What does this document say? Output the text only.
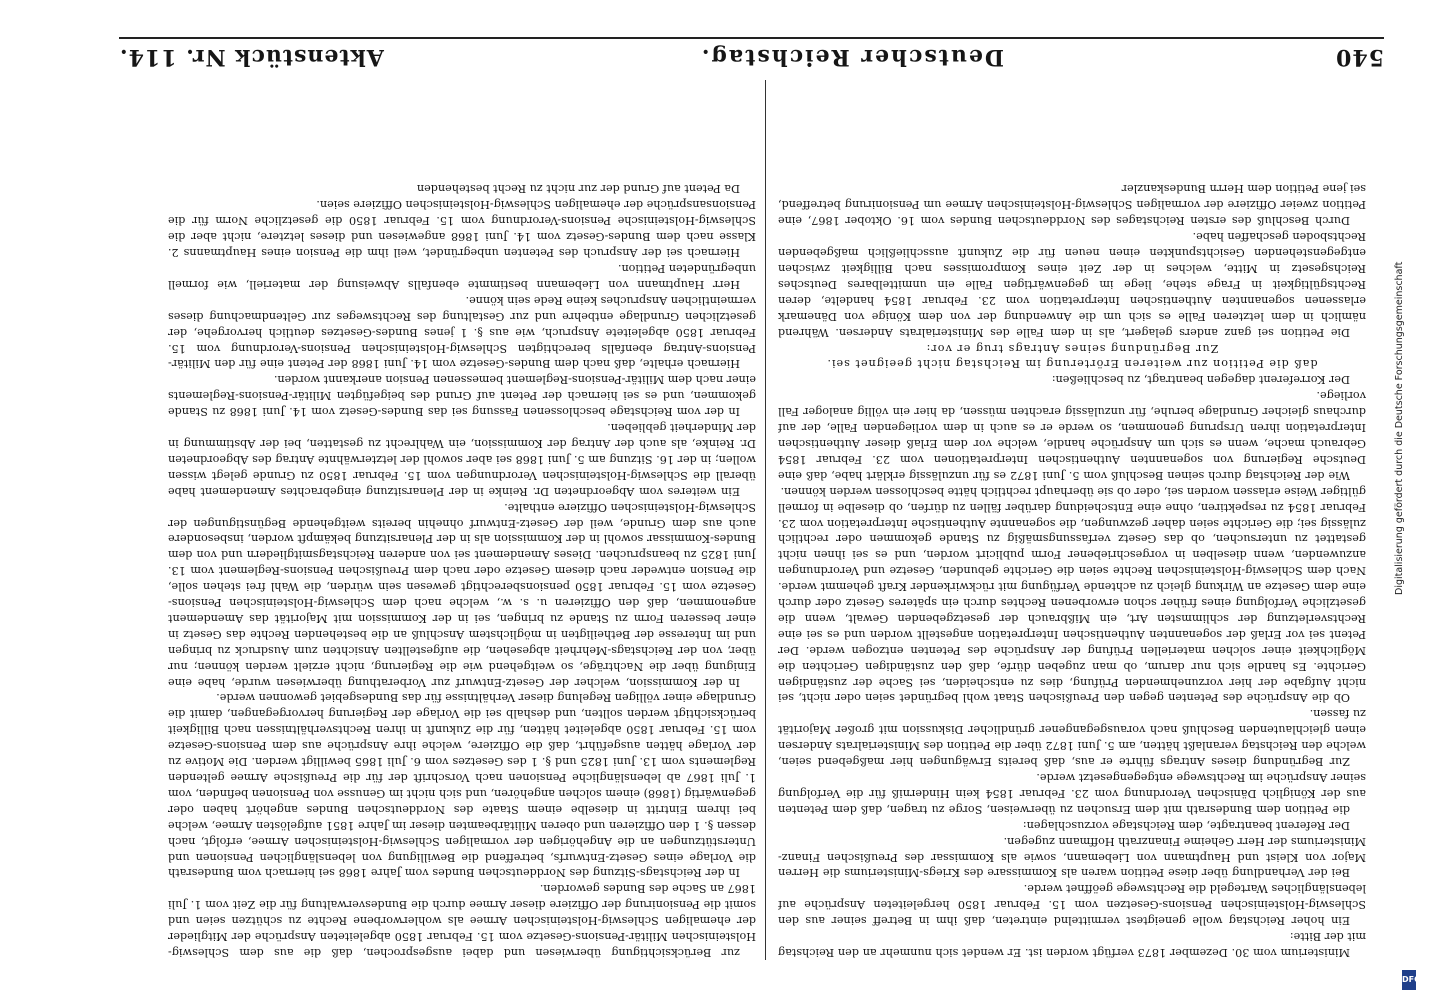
540
Deutscher Reichstag.
Aktenstück Nr. 114.

Ministerium vom 30. Dezember 1873 verfügt worden ist. Er wendet sich nunmehr an den Reichstag mit der Bitte:

Ein hoher Reichstag wolle geneigtest vermittelnd eintreten, daß ihm in Betreff seiner aus den Schleswig-Holsteinischen Pensions-Gesetzen vom 15. Februar 1850 hergeleiteten Ansprüche auf lebenslängliches Wartegeld die Rechtswege geöffnet werde.

Bei der Verhandlung über diese Petition waren als Kommissare des Kriegs-Ministeriums die Herren Major von Kleist und Hauptmann von Liebemann, sowie als Kommissar des Preußischen Finanz-Ministeriums der Herr Geheime Finanzrath Hoffmann zugegen.

Der Referent beantragte, dem Reichstage vorzuschlagen:

die Petition dem Bundesrath mit dem Ersuchen zu überweisen, Sorge zu tragen, daß dem Petenten aus der Königlich Dänischen Verordnung vom 23. Februar 1854 kein Hinderniß für die Verfolgung seiner Ansprüche im Rechtswege entgegengesetzt werde.

Zur Begründung dieses Antrags führte er aus, daß bereits Erwägungen hier maßgebend seien, welche den Reichstag veranlaßt hätten, am 5. Juni 1872 über die Petition des Ministerialrats Andersen einen gleichlautenden Beschluß nach vorausgegangener gründlicher Diskussion mit großer Majorität zu fassen.

Ob die Ansprüche des Petenten gegen den Preußischen Staat wohl begründet seien oder nicht, sei nicht Aufgabe der hier vorzunehmenden Prüfung, dies zu entscheiden, sei Sache der zuständigen Gerichte. Es handle sich nur darum, ob man zugeben dürfe, daß den zuständigen Gerichten die Möglichkeit einer solchen materiellen Prüfung der Ansprüche des Petenten entzogen werde. Der Petent sei vor Erlaß der sogenannten Authentischen Interpretation angestellt worden und es sei eine Rechtsverletzung der schlimmsten Art, ein Mißbrauch der gesetzgebenden Gewalt, wenn die gesetzliche Verfolgung eines früher schon erworbenen Rechtes durch ein späteres Gesetz oder durch eine dem Gesetze an Wirkung gleich zu achtende Verfügung mit rückwirkender Kraft gehemmt werde. Nach dem Schleswig-Holsteinischen Rechte seien die Gerichte gebunden, Gesetze und Verordnungen anzuwenden, wenn dieselben in vorgeschriebener Form publicirt worden, und es sei ihnen nicht gestattet zu untersuchen, ob das Gesetz verfassungsmäßig zu Stande gekommen oder rechtlich zulässig sei; die Gerichte seien daher gezwungen, die sogenannte Authentische Interpretation vom 23. Februar 1854 zu respektiren, ohne eine Entscheidung darüber fällen zu dürfen, ob dieselbe in formell gültiger Weise erlassen worden sei, oder ob sie überhaupt rechtlich hätte beschlossen werden können.

Wie der Reichstag durch seinen Beschluß vom 5. Juni 1872 es für unzulässig erklärt habe, daß eine Deutsche Regierung von sogenannten Authentischen Interpretationen vom 23. Februar 1854 Gebrauch mache, wenn es sich um Ansprüche handle, welche vor dem Erlaß dieser Authentischen Interpretation ihren Ursprung genommen, so werde er es auch in dem vorliegenden Falle, der auf durchaus gleicher Grundlage beruhe, für unzulässig erachten müssen, da hier ein völlig analoger Fall vorliege.

Der Korreferent dagegen beantragt, zu beschließen:

daß die Petition zur weiteren Erörterung im Reichstag nicht geeignet sei.

Zur Begründung seines Antrags trug er vor:

Die Petition sei ganz anders gelagert, als in dem Falle des Ministerialrats Andersen. Während nämlich in dem letzteren Falle es sich um die Anwendung der von dem Könige von Dänemark erlassenen sogenannten Authentischen Interpretation vom 23. Februar 1854 handelte, deren Rechtsgültigkeit in Frage stehe, liege im gegenwärtigen Falle ein unmittelbares Deutsches Reichsgesetz in Mitte, welches in der Zeit eines Kompromisses nach Billigkeit zwischen entgegenstehenden Gesichtspunkten einen neuen für die Zukunft ausschließlich maßgebenden Rechtsboden geschaffen habe.

Durch Beschluß des ersten Reichstages des Norddeutschen Bundes vom 16. Oktober 1867, eine Petition zweier Offiziere der vormaligen Schleswig-Holsteinischen Armee um Pensionirung betreffend, sei jene Petition dem Herrn Bundeskanzler

zur Berücksichtigung überwiesen und dabei ausgesprochen, daß die aus dem Schleswig-Holsteinischen Militär-Pensions-Gesetze vom 15. Februar 1850 abgeleiteten Ansprüche der Mitglieder der ehemaligen Schleswig-Holsteinischen Armee als wohlerworbene Rechte zu schützen seien und somit die Pensionirung der Offiziere dieser Armee durch die Bundesverwaltung für die Zeit vom 1. Juli 1867 an Sache des Bundes geworden.

In der Reichstags-Sitzung des Norddeutschen Bundes vom Jahre 1868 sei hiernach vom Bundesrath die Vorlage eines Gesetz-Entwurfs, betreffend die Bewilligung von lebenslänglichen Pensionen und Unterstützungen an die Angehörigen der vormaligen Schleswig-Holsteinischen Armee, erfolgt, nach dessen §. 1 den Offizieren und oberen Militärbeamten dieser im Jahre 1851 aufgelösten Armee, welche bei ihrem Eintritt in dieselbe einem Staate des Norddeutschen Bundes angehört haben oder gegenwärtig (1868) einem solchen angehören, und sich nicht im Genusse von Pensionen befinden, vom 1. Juli 1867 ab lebenslängliche Pensionen nach Vorschrift der für die Preußische Armee geltenden Reglements vom 13. Juni 1825 und §. 1 des Gesetzes vom 6. Juli 1865 bewilligt werden. Die Motive zu der Vorlage hätten ausgeführt, daß die Offiziere, welche ihre Ansprüche aus dem Pensions-Gesetze vom 15. Februar 1850 abgeleitet hätten, für die Zukunft in ihren Rechtsverhältnissen nach Billigkeit berücksichtigt werden sollten, und deshalb sei die Vorlage der Regierung hervorgegangen, damit die Grundlage einer völligen Regelung dieser Verhältnisse für das Bundesgebiet gewonnen werde.

In der Kommission, welcher der Gesetz-Entwurf zur Vorberathung überwiesen wurde, habe eine Einigung über die Nachträge, so weitgehend wie die Regierung, nicht erzielt werden können; nur über, von der Reichstags-Mehrheit abgesehen, die aufgestellten Ansichten zum Ausdruck zu bringen und im Interesse der Betheiligten in möglichstem Anschluß an die bestehenden Rechte das Gesetz in einer besseren Form zu Stande zu bringen, sei in der Kommission mit Majorität das Amendement angenommen, daß den Offizieren u. s. w., welche nach dem Schleswig-Holsteinischen Pensions-Gesetze vom 15. Februar 1850 pensionsberechtigt gewesen sein würden, die Wahl frei stehen solle, die Pension entweder nach diesem Gesetze oder nach dem Preußischen Pensions-Reglement vom 13. Juni 1825 zu beanspruchen. Dieses Amendement sei von anderen Reichstagsmitgliedern und von dem Bundes-Kommissar sowohl in der Kommission als in der Plenarsitzung bekämpft worden, insbesondere auch aus dem Grunde, weil der Gesetz-Entwurf ohnehin bereits weitgehende Begünstigungen der Schleswig-Holsteinischen Offiziere enthalte.

Ein weiteres vom Abgeordneten Dr. Reinke in der Plenarsitzung eingebrachtes Amendement habe überall die Schleswig-Holsteinischen Verordnungen vom 15. Februar 1850 zu Grunde gelegt wissen wollen; in der 16. Sitzung am 5. Juni 1868 sei aber sowohl der letzterwähnte Antrag des Abgeordneten Dr. Reinke, als auch der Antrag der Kommission, ein Wahlrecht zu gestatten, bei der Abstimmung in der Minderheit geblieben.

In der vom Reichstage beschlossenen Fassung sei das Bundes-Gesetz vom 14. Juni 1868 zu Stande gekommen, und es sei hiernach der Petent auf Grund des beigefügten Militär-Pensions-Reglements einer nach dem Militär-Pensions-Reglement bemessenen Pension anerkannt worden.

Hiernach erhalte, daß nach dem Bundes-Gesetze vom 14. Juni 1868 der Petent eine für den Militär-Pensions-Antrag ebenfalls berechtigten Schleswig-Holsteinischen Pensions-Verordnung vom 15. Februar 1850 abgeleitete Anspruch, wie aus §. 1 jenes Bundes-Gesetzes deutlich hervorgehe, der gesetzlichen Grundlage entbehre und zur Gestaltung des Rechtsweges zur Geltendmachung dieses vermeintlichen Anspruches keine Rede sein könne.

Herr Hauptmann von Liebemann bestimmte ebenfalls Abweisung der materiell, wie formell unbegründeten Petition.

Hiernach sei der Anspruch des Petenten unbegründet, weil ihm die Pension eines Hauptmanns 2. Klasse nach dem Bundes-Gesetz vom 14. Juni 1868 angewiesen und dieses letztere, nicht aber die Schleswig-Holsteinische Pensions-Verordnung vom 15. Februar 1850 die gesetzliche Norm für die Pensionsansprüche der ehemaligen Schleswig-Holsteinischen Offiziere seien.

Da Petent auf Grund der zur nicht zu Recht bestehenden

Digitalisierung gefördert durch die Deutsche Forschungsgemeinschaft
DFG
